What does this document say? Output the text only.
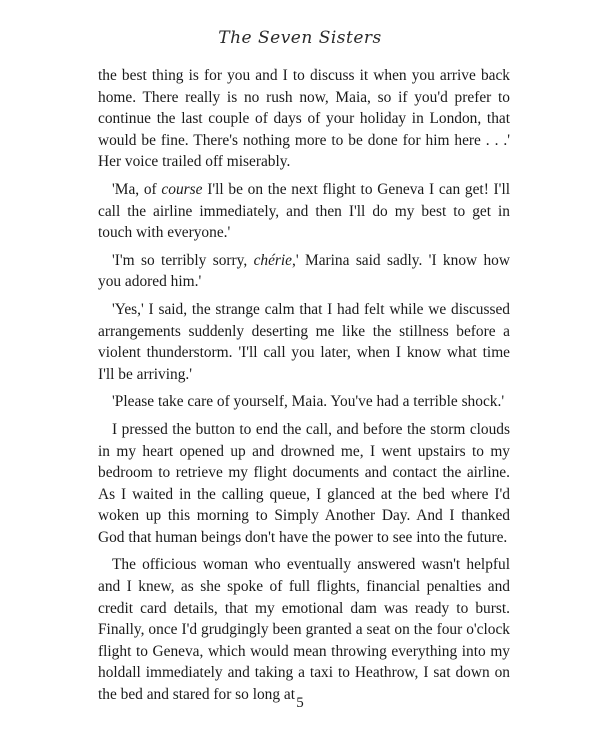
The Seven Sisters

the best thing is for you and I to discuss it when you arrive back home. There really is no rush now, Maia, so if you'd prefer to continue the last couple of days of your holiday in London, that would be fine. There's nothing more to be done for him here . . .' Her voice trailed off miserably.

'Ma, of course I'll be on the next flight to Geneva I can get! I'll call the airline immediately, and then I'll do my best to get in touch with everyone.'

'I'm so terribly sorry, chérie,' Marina said sadly. 'I know how you adored him.'

'Yes,' I said, the strange calm that I had felt while we discussed arrangements suddenly deserting me like the stillness before a violent thunderstorm. 'I'll call you later, when I know what time I'll be arriving.'

'Please take care of yourself, Maia. You've had a terrible shock.'

I pressed the button to end the call, and before the storm clouds in my heart opened up and drowned me, I went upstairs to my bedroom to retrieve my flight documents and contact the airline. As I waited in the calling queue, I glanced at the bed where I'd woken up this morning to Simply Another Day. And I thanked God that human beings don't have the power to see into the future.

The officious woman who eventually answered wasn't helpful and I knew, as she spoke of full flights, financial penalties and credit card details, that my emotional dam was ready to burst. Finally, once I'd grudgingly been granted a seat on the four o'clock flight to Geneva, which would mean throwing everything into my holdall immediately and taking a taxi to Heathrow, I sat down on the bed and stared for so long at 5
